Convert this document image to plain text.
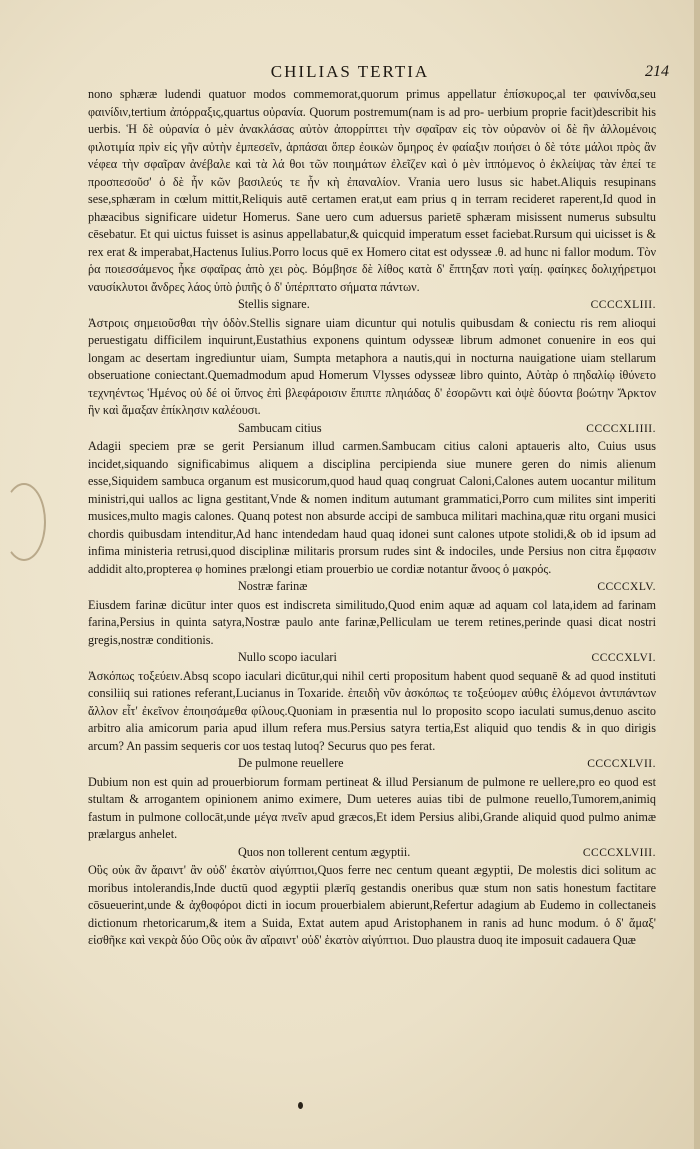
CHILIAS TERTIA	214

nono sphæræ ludendi quatuor modos commemorat,quorum primus appellatur ἐπίσκυρος,al ter φαινίνδα,seu φαινίδιν,tertium ἀπόρραξις,quartus οὐρανία. Quorum postremum(nam is ad pro- uerbium proprie facit)describit his uerbis. Ἡ δὲ οὐρανία ὁ μὲν ἀνακλάσας αὐτὸν ἀπορρίπτει τὴν σφαῖραν εἰς τὸν οὐρανὸν οἱ δὲ ἢν ἀλλομένοις φιλοτιμία πρὶν εἰς γῆν αὐτὴν ἐμπεσεῖν, ἁρπάσαι ὅπερ ἐοικὼν ὅμηρος ἐν φαίαξιν ποιήσει ὁ δὲ τότε μάλοι πρὸς ἂν νέφεα τὴν σφαῖραν ἀνέβαλε καὶ τὰ λά θοι τῶν ποιημάτων ἐλεῖζεν καὶ ὁ μὲν ἱππόμενος ὁ ἐκλείψας τὰν ἐπεί τε προσπεσοῦσ' ὁ δὲ ἦν κῶν βασιλεύς τε ἦν κὴ ἐπαναλίον. Vrania uero lusus sic habet.Aliquis resupinans sese,sphæram in cœlum mittit,Reliquis autē certamen erat,ut eam prius q in terram recideret raperent,Id quod in phæacibus significare uidetur Homerus. Sane uero cum aduersus parietē sphæram misissent numerus subsultu cēsebatur. Et qui uictus fuisset is asinus appellabatur,& quicquid imperatum esset faciebat.Rursum qui uicisset is & rex erat & imperabat,Hactenus Iulius.Porro locus quē ex Homero citat est odysseæ .θ. ad hunc ni fallor modum. Τὸν ῥα ποιεσσάμενος ἧκε σφαῖρας ἀπὸ χει ρὸς. Βόμβησε δὲ λίθος κατὰ δ' ἔπτηξαν ποτὶ γαίῃ. φαίηκες δολιχήρετμοι ναυσίκλυτοι ἄνδρες λάος ὑπὸ ῥιπῆς ὁ δ' ὑπέρπτατο σήματα πάντων.

Stellis signare.	CCCCXLIII.

Ἀστροις σημειοῦσθαι τὴν ὁδὸν.Stellis signare uiam dicuntur qui notulis quibusdam & coniectu ris rem alioqui peruestigatu difficilem inquirunt,Eustathius exponens quintum odysseæ librum admonet conuenire in eos qui longam ac desertam ingrediuntur uiam, Sumpta metaphora a nautis,qui in nocturna nauigatione uiam stellarum obseruatione coniectant.Quemadmodum apud Homerum Vlysses odysseæ libro quinto, Αὐτὰρ ὁ πηδαλίῳ ἰθύνετο τεχνηέντως Ἡμένος οὐ δέ οἱ ὕπνος ἐπὶ βλεφάροισιν ἔπιπτε πληιάδας δ' ἐσορῶντι καὶ ὀψὲ δύοντα βοώτην Ἄρκτον ἣν καὶ ἄμαξαν ἐπίκλησιν καλέουσι.

Sambucam citius	CCCCXLIIII.

Adagii speciem præ se gerit Persianum illud carmen.Sambucam citius caloni aptaueris alto, Cuius usus incidet,siquando significabimus aliquem a disciplina percipienda siue munere geren do nimis alienum esse,Siquidem sambuca organum est musicorum,quod haud quaq congruat Caloni,Calones autem uocantur militum ministri,qui uallos ac ligna gestitant,Vnde & nomen inditum autumant grammatici,Porro cum milites sint imperiti musices,multo magis calones. Quanq potest non absurde accipi de sambuca militari machina,quæ ritu organi musici chordis quibusdam intenditur,Ad hanc intendedam haud quaq idonei sunt calones utpote stolidi,& ob id ipsum ad infima ministeria retrusi,quod disciplinæ militaris prorsum rudes sint & indociles, unde Persius non citra ἔμφασιν addidit alto,propterea φ homines prælongi etiam prouerbio ue cordiæ notantur ἄνοος ὁ μακρός.

Nostræ farinæ	CCCCXLV.

Eiusdem farinæ dicūtur inter quos est indiscreta similitudo,Quod enim aquæ ad aquam col lata,idem ad farinam farina,Persius in quinta satyra,Nostræ paulo ante farinæ,Pelliculam ue terem retines,perinde quasi dicat nostri gregis,nostræ conditionis.

Nullo scopo iaculari	CCCCXLVI.

Ἀσκόπως τοξεύειν.Absq scopo iaculari dicūtur,qui nihil certi propositum habent quod sequanē & ad quod instituti consiliiq sui rationes referant,Lucianus in Toxaride. ἐπειδὴ νῦν ἀσκόπως τε τοξεύομεν αὐθις ἑλόμενοι ἀντιπάντων ἄλλον εἶτ' ἐκεῖνον ἐποιησάμεθα φίλους.Quoniam in præsentia nul lo proposito scopo iaculati sumus,denuo ascito arbitro alia amicorum paria apud illum refera mus.Persius satyra tertia,Est aliquid quo tendis & in quo dirigis arcum? An passim sequeris cor uos testaq lutoq? Securus quo pes ferat.

De pulmone reuellere	CCCCXLVII.

Dubium non est quin ad prouerbiorum formam pertineat & illud Persianum de pulmone re uellere,pro eo quod est stultam & arrogantem opinionem animo eximere, Dum ueteres auias tibi de pulmone reuello,Tumorem,animiq fastum in pulmone collocāt,unde μέγα πνεῖν apud græcos,Et idem Persius alibi,Grande aliquid quod pulmo animæ prælargus anhelet.

Quos non tollerent centum ægyptii.	CCCCXLVIII.

Οὓς οὐκ ἂν ἄραιντ' ἂν οὐδ' ἑκατὸν αἰγύπτιοι,Quos ferre nec centum queant ægyptii, De molestis dici solitum ac moribus intolerandis,Inde ductū quod ægyptii plærīq gestandis oneribus quæ stum non satis honestum factitare cōsueuerint,unde & ἀχθοφόροι dicti in iocum prouerbialem abierunt,Refertur adagium ab Eudemo in collectaneis dictionum rhetoricarum,& item a Suida, Extat autem apud Aristophanem in ranis ad hunc modum. ὁ δ' ἅμαξ' εἰσθῆκε καὶ νεκρὰ δύο Οὓς οὐκ ἂν αἴραιντ' οὐδ' ἑκατὸν αἰγύπτιοι. Duo plaustra duoq ite imposuit cadauera Quæ
